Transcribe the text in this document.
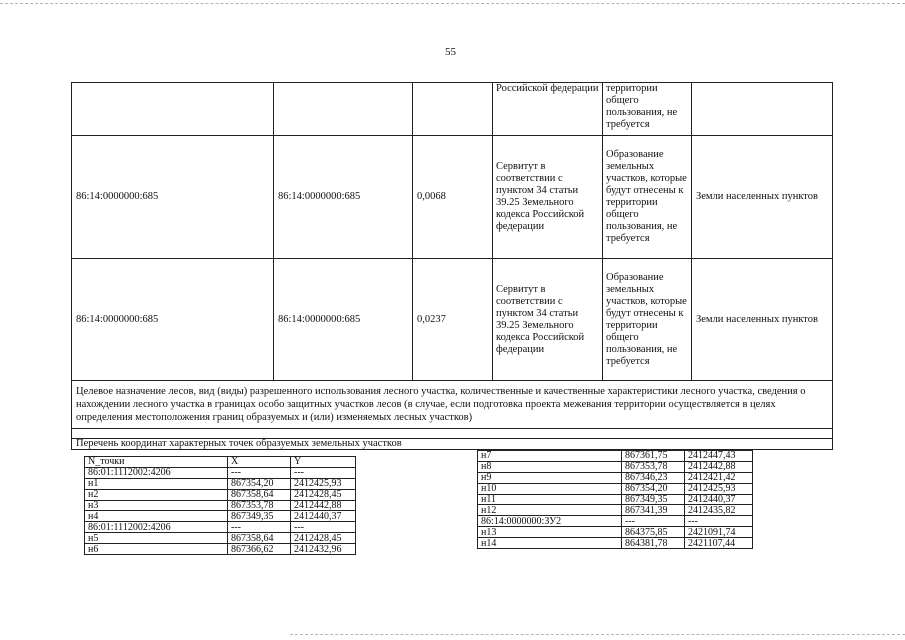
55
			Российской федерации	территории общего пользования, не требуется	
86:14:0000000:685	86:14:0000000:685	0,0068	Сервитут в соответствии с пунктом 34 статьи 39.25 Земельного кодекса Российской федерации	Образование земельных участков, которые будут отнесены к территории общего пользования, не требуется	Земли населенных пунктов
86:14:0000000:685	86:14:0000000:685	0,0237	Сервитут в соответствии с пунктом 34 статьи 39.25 Земельного кодекса Российской федерации	Образование земельных участков, которые будут отнесены к территории общего пользования, не требуется	Земли населенных пунктов
Целевое назначение лесов, вид (виды) разрешенного использования лесного участка, количественные и качественные характеристики лесного участка, сведения о нахождении лесного участка в границах особо защитных участков лесов (в случае, если подготовка проекта межевания территории осуществляется в целях определения местоположения границ образуемых и (или) изменяемых лесных участков)					

Перечень координат характерных точек образуемых земельных участков					
N_точки	X	Y
86:01:1112002:4206	---	---
н1	867354,20	2412425,93
н2	867358,64	2412428,45
н3	867353,78	2412442,88
н4	867349,35	2412440,37
86:01:1112002:4206	---	---
н5	867358,64	2412428,45
н6	867366,62	2412432,96
н7	867361,75	2412447,43
н8	867353,78	2412442,88
н9	867346,23	2412421,42
н10	867354,20	2412425,93
н11	867349,35	2412440,37
н12	867341,39	2412435,82
86:14:0000000:ЗУ2	---	---
н13	864375,85	2421091,74
н14	864381,78	2421107,44
